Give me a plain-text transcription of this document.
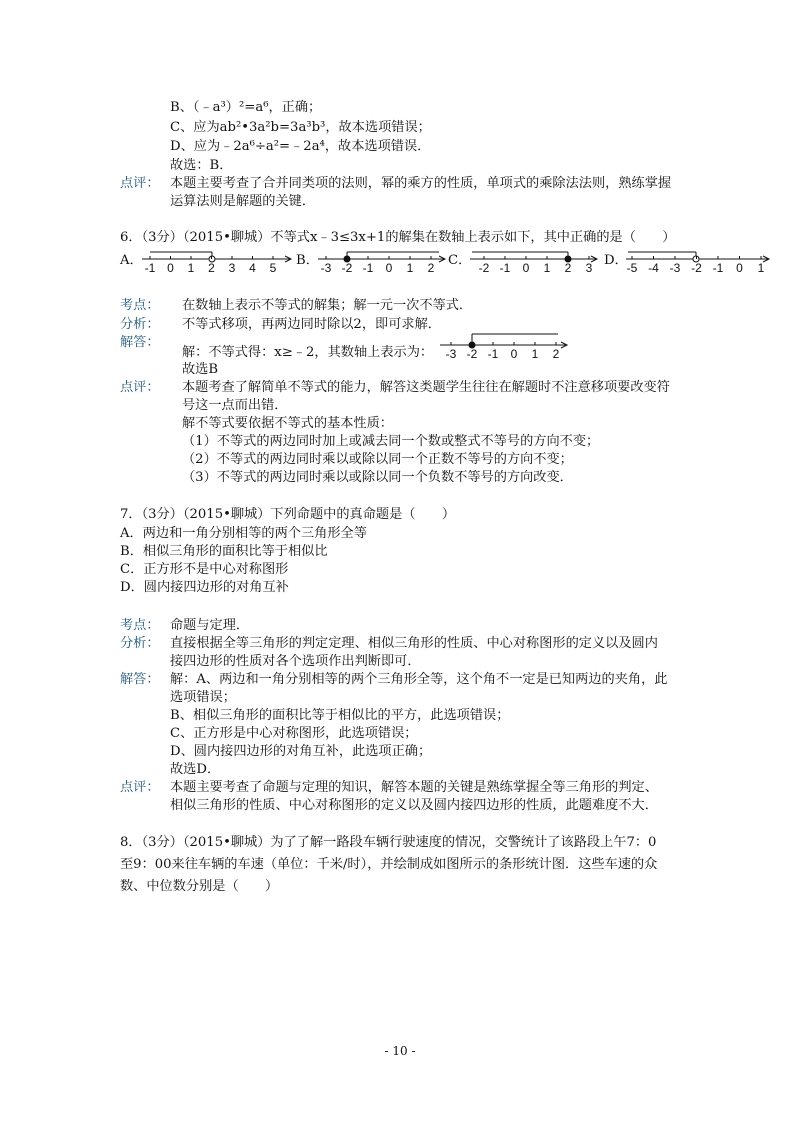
B、（﹣a³）²=a⁶，正确；
C、应为ab²•3a²b=3a³b³，故本选项错误；
D、应为﹣2a⁶÷a²=﹣2a⁴，故本选项错误．
故选：B．
点评： 本题主要考查了合并同类项的法则，幂的乘方的性质，单项式的乘除法法则，熟练掌握
运算法则是解题的关键．
6．（3分）（2015•聊城）不等式x﹣3≤3x+1的解集在数轴上表示如下，其中正确的是（　　）
A． -1 0 1 2 3 4 5 B． -3 -2 -1 0 1 2 C． -2 -1 0 1 2 3 D．
-5 -4 -3 -2 -1 0 1
考点： 在数轴上表示不等式的解集；解一元一次不等式．
分析： 不等式移项，再两边同时除以2，即可求解．
解答：
解：不等式得：x≥﹣2，其数轴上表示为： -3 -2 -1 0 1 2
故选B
点评： 本题考查了解简单不等式的能力，解答这类题学生往往在解题时不注意移项要改变符
号这一点而出错．
解不等式要依据不等式的基本性质：
（1）不等式的两边同时加上或减去同一个数或整式不等号的方向不变；
（2）不等式的两边同时乘以或除以同一个正数不等号的方向不变；
（3）不等式的两边同时乘以或除以同一个负数不等号的方向改变．
7．（3分）（2015•聊城）下列命题中的真命题是（　　）
A．两边和一角分别相等的两个三角形全等
B．相似三角形的面积比等于相似比
C．正方形不是中心对称图形
D．圆内接四边形的对角互补
考点： 命题与定理．
分析： 直接根据全等三角形的判定定理、相似三角形的性质、中心对称图形的定义以及圆内
接四边形的性质对各个选项作出判断即可．
解答： 解：A、两边和一角分别相等的两个三角形全等，这个角不一定是已知两边的夹角，此
选项错误；
B、相似三角形的面积比等于相似比的平方，此选项错误；
C、正方形是中心对称图形，此选项错误；
D、圆内接四边形的对角互补，此选项正确；
故选D．
点评： 本题主要考查了命题与定理的知识，解答本题的关键是熟练掌握全等三角形的判定、
相似三角形的性质、中心对称图形的定义以及圆内接四边形的性质，此题难度不大．
8．（3分）（2015•聊城）为了了解一路段车辆行驶速度的情况，交警统计了该路段上午7：0
至9：00来往车辆的车速（单位：千米/时），并绘制成如图所示的条形统计图．这些车速的众
数、中位数分别是（　　）
- 10 -
